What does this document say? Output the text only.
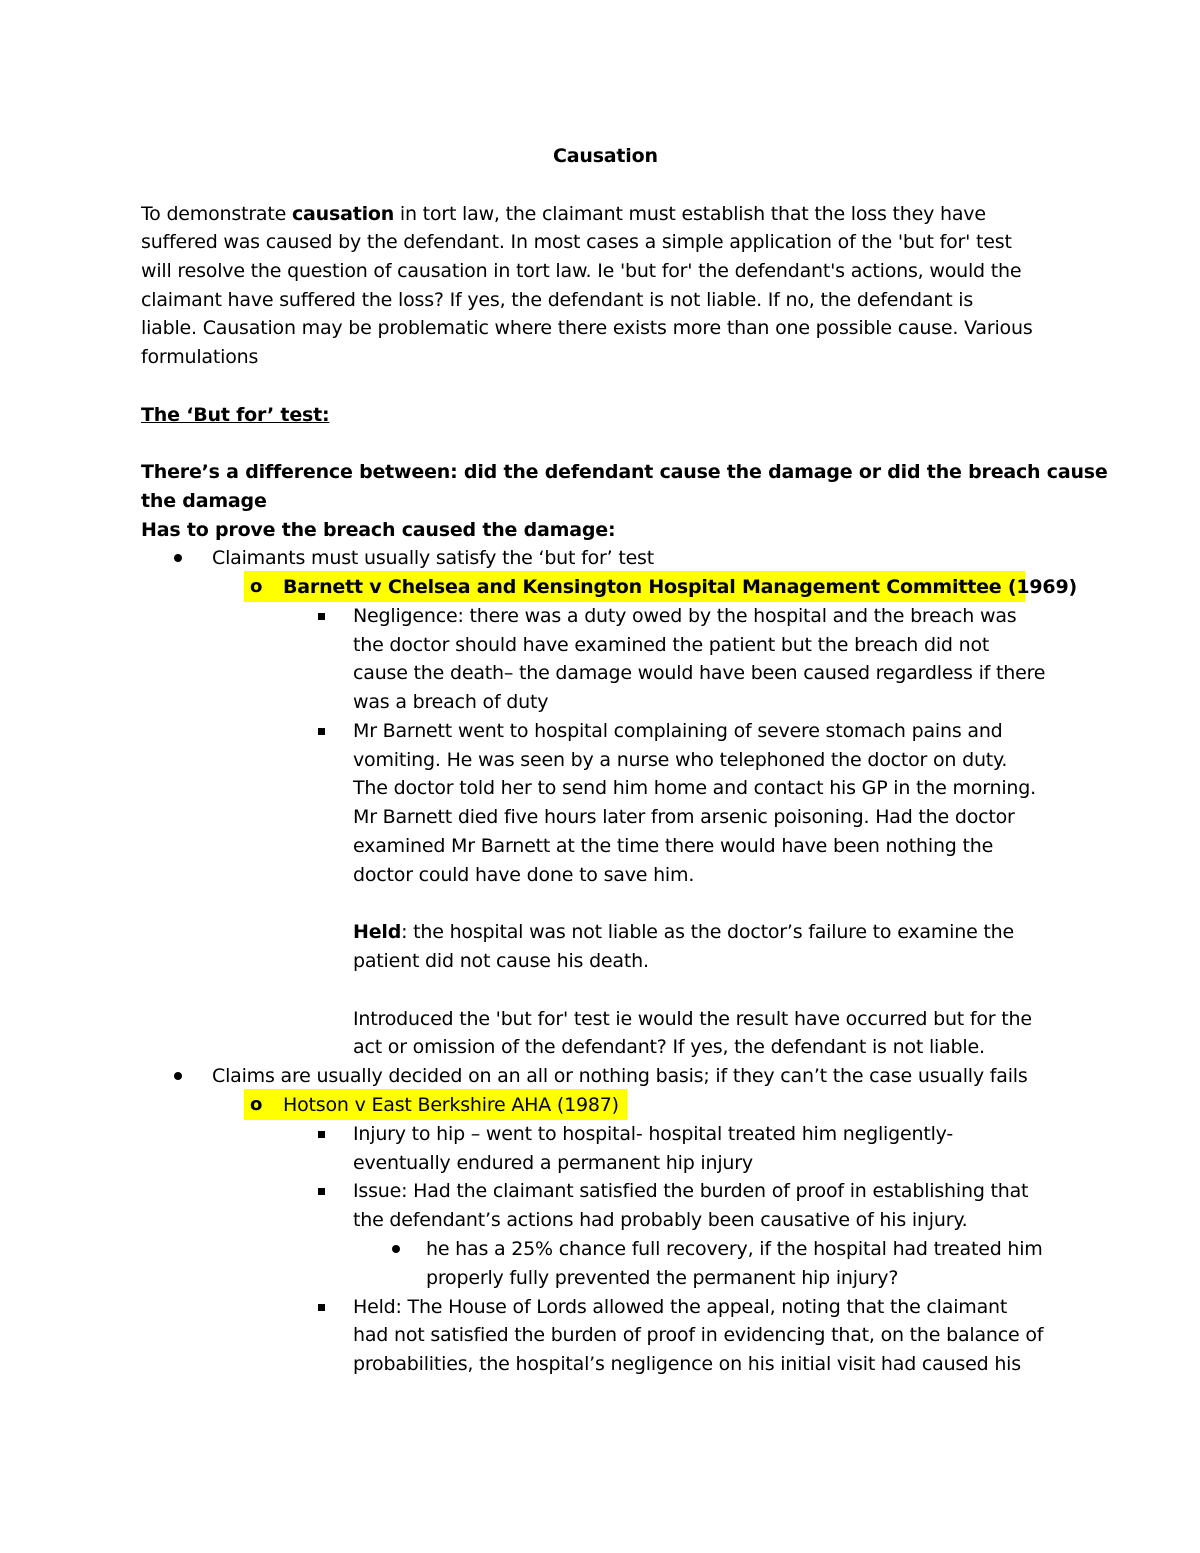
Causation
To demonstrate causation in tort law, the claimant must establish that the loss they have
suffered was caused by the defendant. In most cases a simple application of the 'but for' test
will resolve the question of causation in tort law. Ie 'but for' the defendant's actions, would the
claimant have suffered the loss? If yes, the defendant is not liable. If no, the defendant is
liable. Causation may be problematic where there exists more than one possible cause. Various
formulations
The ‘But for’ test:
There’s a difference between: did the defendant cause the damage or did the breach cause
the damage
Has to prove the breach caused the damage:
Claimants must usually satisfy the ‘but for’ test
o Barnett v Chelsea and Kensington Hospital Management Committee (1969)
Negligence: there was a duty owed by the hospital and the breach was
the doctor should have examined the patient but the breach did not
cause the death– the damage would have been caused regardless if there
was a breach of duty
Mr Barnett went to hospital complaining of severe stomach pains and
vomiting. He was seen by a nurse who telephoned the doctor on duty.
The doctor told her to send him home and contact his GP in the morning.
Mr Barnett died five hours later from arsenic poisoning. Had the doctor
examined Mr Barnett at the time there would have been nothing the
doctor could have done to save him.
Held: the hospital was not liable as the doctor’s failure to examine the
patient did not cause his death.
Introduced the 'but for' test ie would the result have occurred but for the
act or omission of the defendant? If yes, the defendant is not liable.
Claims are usually decided on an all or nothing basis; if they can’t the case usually fails
o Hotson v East Berkshire AHA (1987)
Injury to hip – went to hospital- hospital treated him negligently-
eventually endured a permanent hip injury
Issue: Had the claimant satisfied the burden of proof in establishing that
the defendant’s actions had probably been causative of his injury.
he has a 25% chance full recovery, if the hospital had treated him
properly fully prevented the permanent hip injury?
Held: The House of Lords allowed the appeal, noting that the claimant
had not satisfied the burden of proof in evidencing that, on the balance of
probabilities, the hospital’s negligence on his initial visit had caused his
